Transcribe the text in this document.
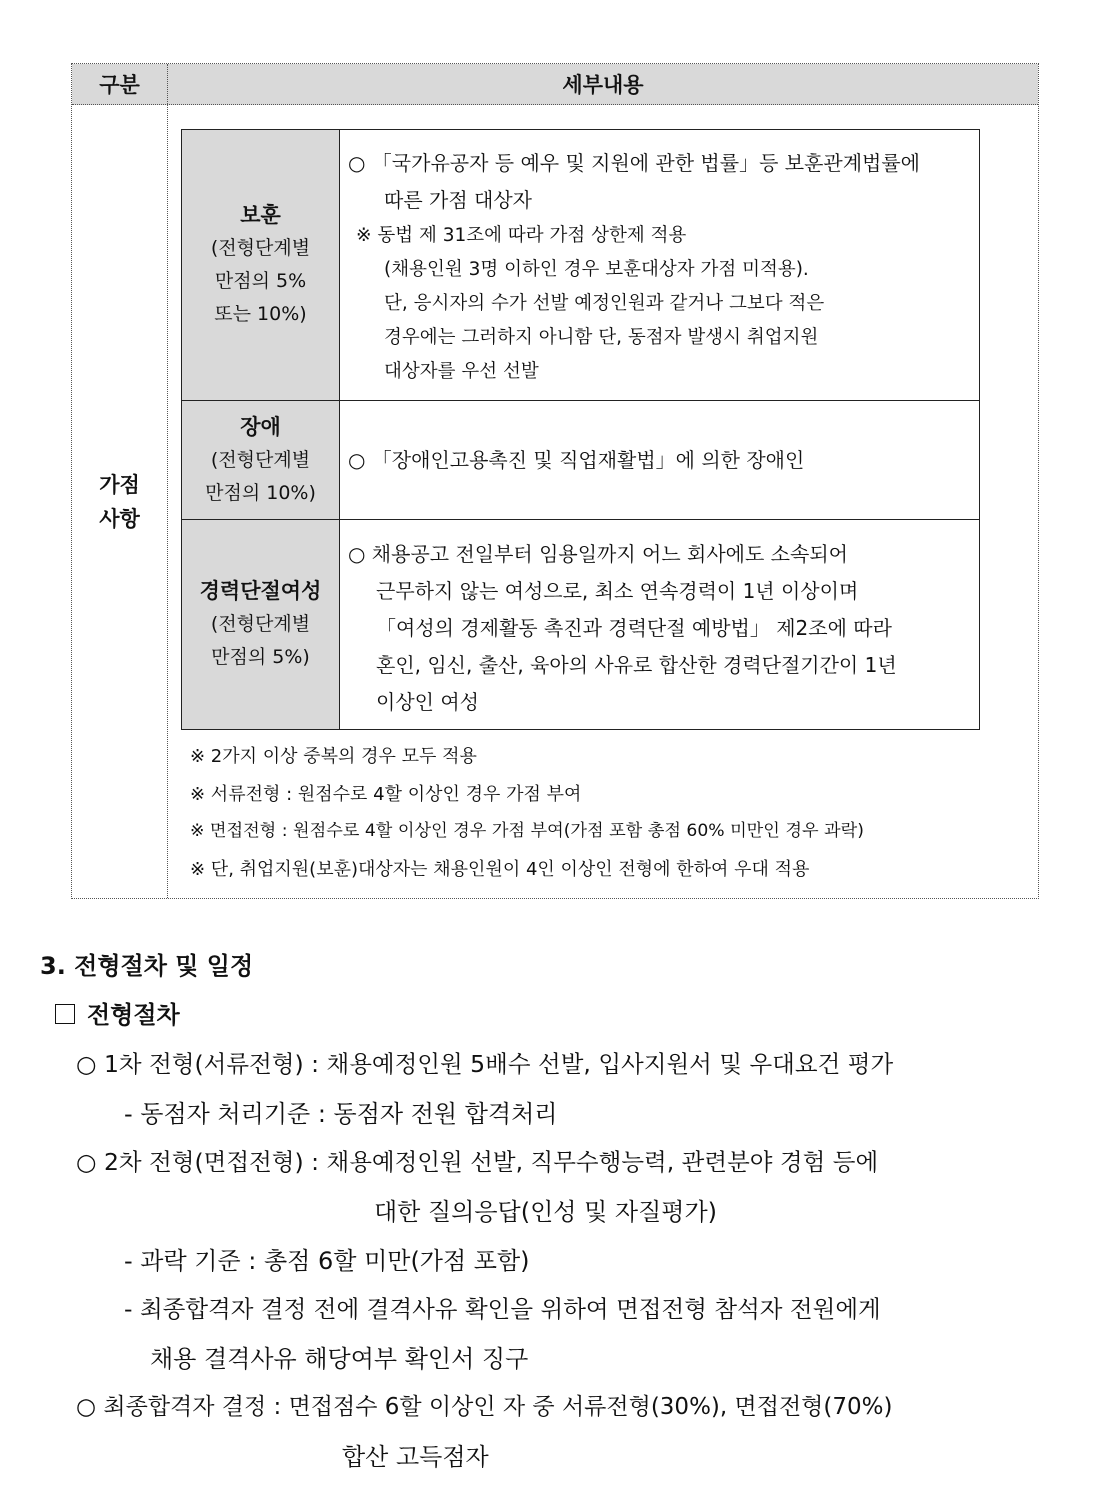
구분	세부내용
가점
사항
보훈
(전형단계별
만점의 5%
또는 10%)
○ 「국가유공자 등 예우 및 지원에 관한 법률」등 보훈관계법률에
따른 가점 대상자
※ 동법 제 31조에 따라 가점 상한제 적용
(채용인원 3명 이하인 경우 보훈대상자 가점 미적용).
단, 응시자의 수가 선발 예정인원과 같거나 그보다 적은
경우에는 그러하지 아니함 단, 동점자 발생시 취업지원
대상자를 우선 선발
장애
(전형단계별
만점의 10%)
○ 「장애인고용촉진 및 직업재활법」에 의한 장애인
경력단절여성
(전형단계별
만점의 5%)
○ 채용공고 전일부터 임용일까지 어느 회사에도 소속되어
근무하지 않는 여성으로, 최소 연속경력이 1년 이상이며
「여성의 경제활동 촉진과 경력단절 예방법」 제2조에 따라
혼인, 임신, 출산, 육아의 사유로 합산한 경력단절기간이 1년
이상인 여성
※ 2가지 이상 중복의 경우 모두 적용
※ 서류전형 : 원점수로 4할 이상인 경우 가점 부여
※ 면접전형 : 원점수로 4할 이상인 경우 가점 부여(가점 포함 총점 60% 미만인 경우 과락)
※ 단, 취업지원(보훈)대상자는 채용인원이 4인 이상인 전형에 한하여 우대 적용
3. 전형절차 및 일정
전형절차
○ 1차 전형(서류전형) : 채용예정인원 5배수 선발, 입사지원서 및 우대요건 평가
- 동점자 처리기준 : 동점자 전원 합격처리
○ 2차 전형(면접전형) : 채용예정인원 선발, 직무수행능력, 관련분야 경험 등에
대한 질의응답(인성 및 자질평가)
- 과락 기준 : 총점 6할 미만(가점 포함)
- 최종합격자 결정 전에 결격사유 확인을 위하여 면접전형 참석자 전원에게
채용 결격사유 해당여부 확인서 징구
○ 최종합격자 결정 : 면접점수 6할 이상인 자 중 서류전형(30%), 면접전형(70%)
합산 고득점자
